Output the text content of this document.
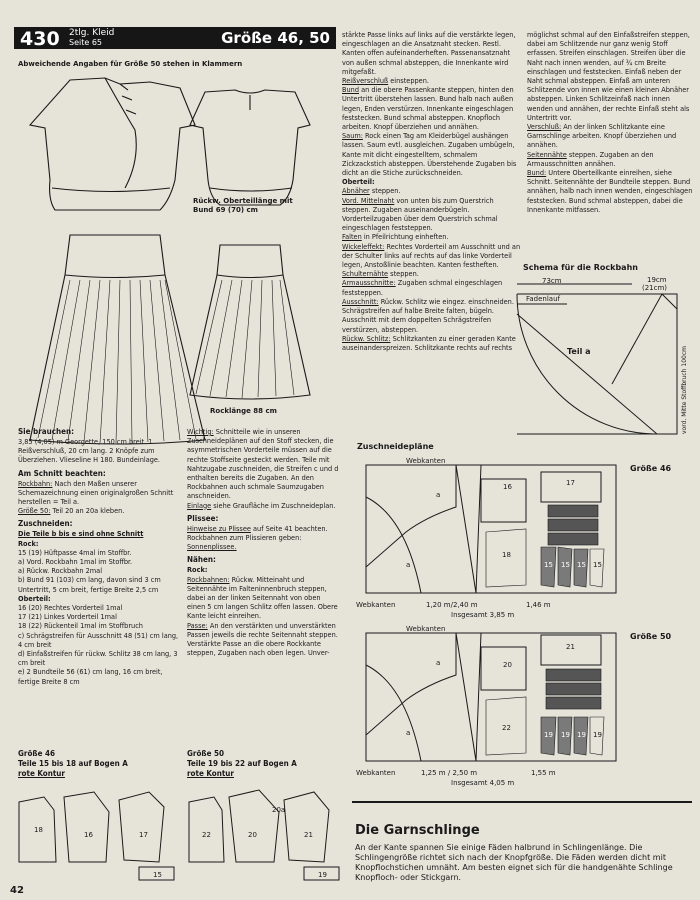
430 2tlg. Kleid
Seite 65	Größe 46, 50
Abweichende Angaben für Größe 50 stehen in Klammern
Rückw. Oberteillänge mit Bund 69 (70) cm
Rocklänge 88 cm

Sie brauchen:

3,85 (4,05) m Georgette, 150 cm breit. 1 Reißverschluß, 20 cm lang. 2 Knöpfe zum Überziehen. Vlieseline H 180. Bundeinlage.

Am Schnitt beachten:

Rockbahn: Nach den Maßen unserer Schemazeichnung einen originalgroßen Schnitt herstellen = Teil a.

Größe 50: Teil 20 an 20a kleben.

Zuschneiden:

Die Teile b bis e sind ohne Schnitt

Rock:

15 (19) Hüftpasse 4mal im Stoffbr.

a) Vord. Rockbahn 1mal im Stoffbr.

a) Rückw. Rockbahn 2mal

b) Bund 91 (103) cm lang, davon sind 3 cm Untertritt, 5 cm breit, fertige Breite 2,5 cm

Oberteil:

16 (20) Rechtes Vorderteil 1mal

17 (21) Linkes Vorderteil 1mal

18 (22) Rückenteil 1mal im Stoffbruch

c) Schrägstreifen für Ausschnitt 48 (51) cm lang, 4 cm breit

d) Einfaßstreifen für rückw. Schlitz 38 cm lang, 3 cm breit

e) 2 Bundteile 56 (61) cm lang, 16 cm breit, fertige Breite 8 cm

Wichtig: Schnitteile wie in unseren Zuschneideplänen auf den Stoff stecken, die asymmetrischen Vorderteile müssen auf die rechte Stoffseite gesteckt werden. Teile mit Nahtzugabe zuschneiden, die Streifen c und d enthalten bereits die Zugaben. An den Rockbahnen auch schmale Saumzugaben anschneiden.

Einlage siehe Graufläche im Zuschneideplan.

Plissee:

Hinweise zu Plissee auf Seite 41 beachten.

Rockbahnen zum Plissieren geben:

Sonnenplissee.

Nähen:

Rock:

Rockbahnen: Rückw. Mitteinaht und Seitennähte im Falteninnenbruch steppen, dabei an der linken Seitennaht von oben einen 5 cm langen Schlitz offen lassen. Obere Kante leicht einreihen.

Passe: An den verstärkten und unverstärkten Passen jeweils die rechte Seitennaht steppen. Verstärkte Passe an die obere Rockkante steppen, Zugaben nach oben legen. Unver-

stärkte Passe links auf links auf die verstärkte legen, eingeschlagen an die Ansatznaht stecken. Restl. Kanten offen aufeinanderheften. Passenansatznaht von außen schmal absteppen, die Innenkante wird mitgefaßt.

Reißverschluß einsteppen.

Bund an die obere Passenkante steppen, hinten den Untertritt überstehen lassen. Bund halb nach außen legen, Enden verstürzen. Innenkante eingeschlagen feststecken. Bund schmal absteppen. Knopfloch arbeiten. Knopf überziehen und annähen.

Saum: Rock einen Tag am Kleiderbügel aushängen lassen. Saum evtl. ausgleichen. Zugaben umbügeln, Kante mit dicht eingestelltem, schmalem Zickzackstich absteppen. Überstehende Zugaben bis dicht an die Stiche zurückschneiden.

Oberteil:

Abnäher steppen.

Vord. Mittelnaht von unten bis zum Querstrich steppen. Zugaben auseinanderbügeln. Vorderteilzugaben über dem Querstrich schmal eingeschlagen feststeppen.

Falten in Pfeilrichtung einheften.

Wickeleffekt: Rechtes Vorderteil am Ausschnitt und an der Schulter links auf rechts auf das linke Vorderteil legen, Anstoßlinie beachten. Kanten festheften.

Schulternähte steppen.

Armausschnitte: Zugaben schmal eingeschlagen feststeppen.

Ausschnitt: Rückw. Schlitz wie eingez. einschneiden. Schrägstreifen auf halbe Breite falten, bügeln. Ausschnitt mit dem doppelten Schrägstreifen verstürzen, absteppen.

Rückw. Schlitz: Schlitzkanten zu einer geraden Kante auseinanderspreizen. Schlitzkante rechts auf rechts

möglichst schmal auf den Einfaßstreifen steppen, dabei am Schlitzende nur ganz wenig Stoff erfassen. Streifen einschlagen. Streifen über die Naht nach innen wenden, auf ¾ cm Breite einschlagen und feststecken. Einfaß neben der Naht schmal absteppen. Einfaß am unteren Schlitzende von innen wie einen kleinen Abnäher absteppen. Linken Schlitzeinfaß nach innen wenden und annähen, der rechte Einfaß steht als Untertritt vor.

Verschluß: An der linken Schlitzkante eine Garnschlinge arbeiten. Knopf überziehen und annähen.

Seitennähte steppen. Zugaben an den Armausschnitten annähen.

Bund: Untere Oberteilkante einreihen, siehe Schnitt. Seitennähte der Bundteile steppen. Bund annähen, halb nach innen wenden, eingeschlagen feststecken. Bund schmal absteppen, dabei die Innenkante mitfassen.

Schema für die Rockbahn
73cm	19cm
(21cm)
Fadenlauf
Teil a	vord. Mitte Stoffbruch 100cm
Zuschneidepläne
Größe 46
Größe 50
Webkanten
Webkanten	1,20 m/2,40 m	1,46 m
Insgesamt 3,85 m
a
a
16	17
18
15 15 15 15
Webkanten
Webkanten	1,25 m / 2,50 m	1,55 m
Insgesamt 4,05 m
a
a
21
20
22
19 19 19 19

Größe 46

Teile 15 bis 18 auf Bogen A

rote Kontur

Größe 50

Teile 19 bis 22 auf Bogen A

rote Kontur

18
16	17
15
22	20
20a
21
19
Die Garnschlinge
An der Kante spannen Sie einige Fäden halbrund in Schlingenlänge. Die Schlingengröße richtet sich nach der Knopfgröße. Die Fäden werden dicht mit Knopflochstichen umnäht. Am besten eignet sich für die handgenähte Schlinge Knopfloch- oder Stickgarn.
42
